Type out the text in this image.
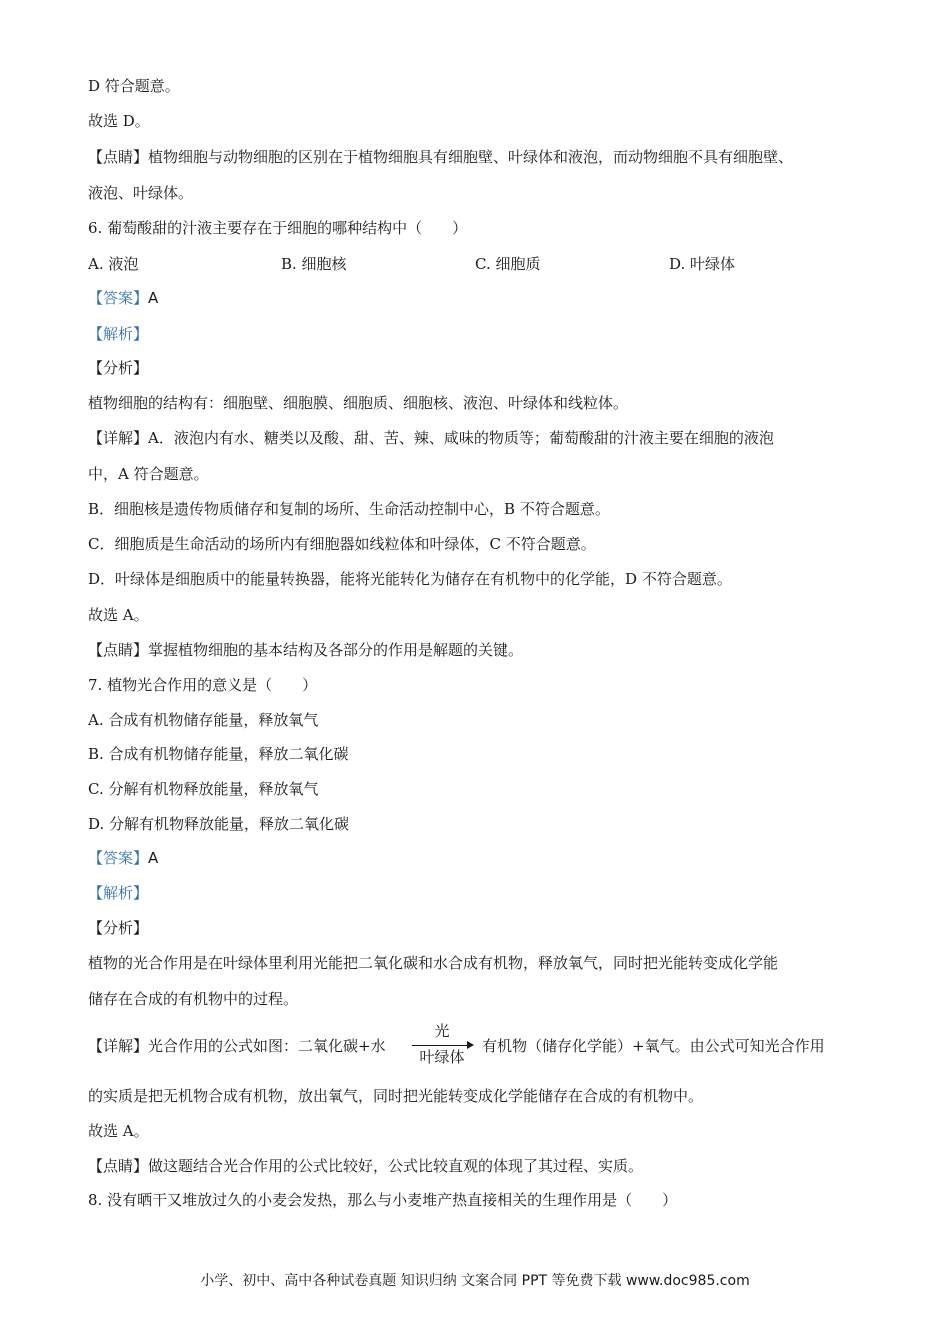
D 符合题意。
故选 D。
【点睛】植物细胞与动物细胞的区别在于植物细胞具有细胞壁、叶绿体和液泡，而动物细胞不具有细胞壁、
液泡、叶绿体。
6. 葡萄酸甜的汁液主要存在于细胞的哪种结构中（　　）
A. 液泡	B. 细胞核	C. 细胞质	D. 叶绿体
【答案】A
【解析】
【分析】
植物细胞的结构有：细胞壁、细胞膜、细胞质、细胞核、液泡、叶绿体和线粒体。
【详解】A．液泡内有水、糖类以及酸、甜、苦、辣、咸味的物质等；葡萄酸甜的汁液主要在细胞的液泡
中，A 符合题意。
B．细胞核是遗传物质储存和复制的场所、生命活动控制中心，B 不符合题意。
C．细胞质是生命活动的场所内有细胞器如线粒体和叶绿体，C 不符合题意。
D．叶绿体是细胞质中的能量转换器，能将光能转化为储存在有机物中的化学能，D 不符合题意。
故选 A。
【点睛】掌握植物细胞的基本结构及各部分的作用是解题的关键。
7. 植物光合作用的意义是（　　）
A. 合成有机物储存能量，释放氧气
B. 合成有机物储存能量，释放二氧化碳
C. 分解有机物释放能量，释放氧气
D. 分解有机物释放能量，释放二氧化碳
【答案】A
【解析】
【分析】
植物的光合作用是在叶绿体里利用光能把二氧化碳和水合成有机物，释放氧气，同时把光能转变成化学能
储存在合成的有机物中的过程。
【详解】光合作用的公式如图：二氧化碳+水
光
叶绿体
有机物（储存化学能）+氧气。由公式可知光合作用
的实质是把无机物合成有机物，放出氧气，同时把光能转变成化学能储存在合成的有机物中。
故选 A。
【点睛】做这题结合光合作用的公式比较好，公式比较直观的体现了其过程、实质。
8. 没有晒干又堆放过久的小麦会发热，那么与小麦堆产热直接相关的生理作用是（　　）
小学、初中、高中各种试卷真题 知识归纳 文案合同 PPT 等免费下载 www.doc985.com
